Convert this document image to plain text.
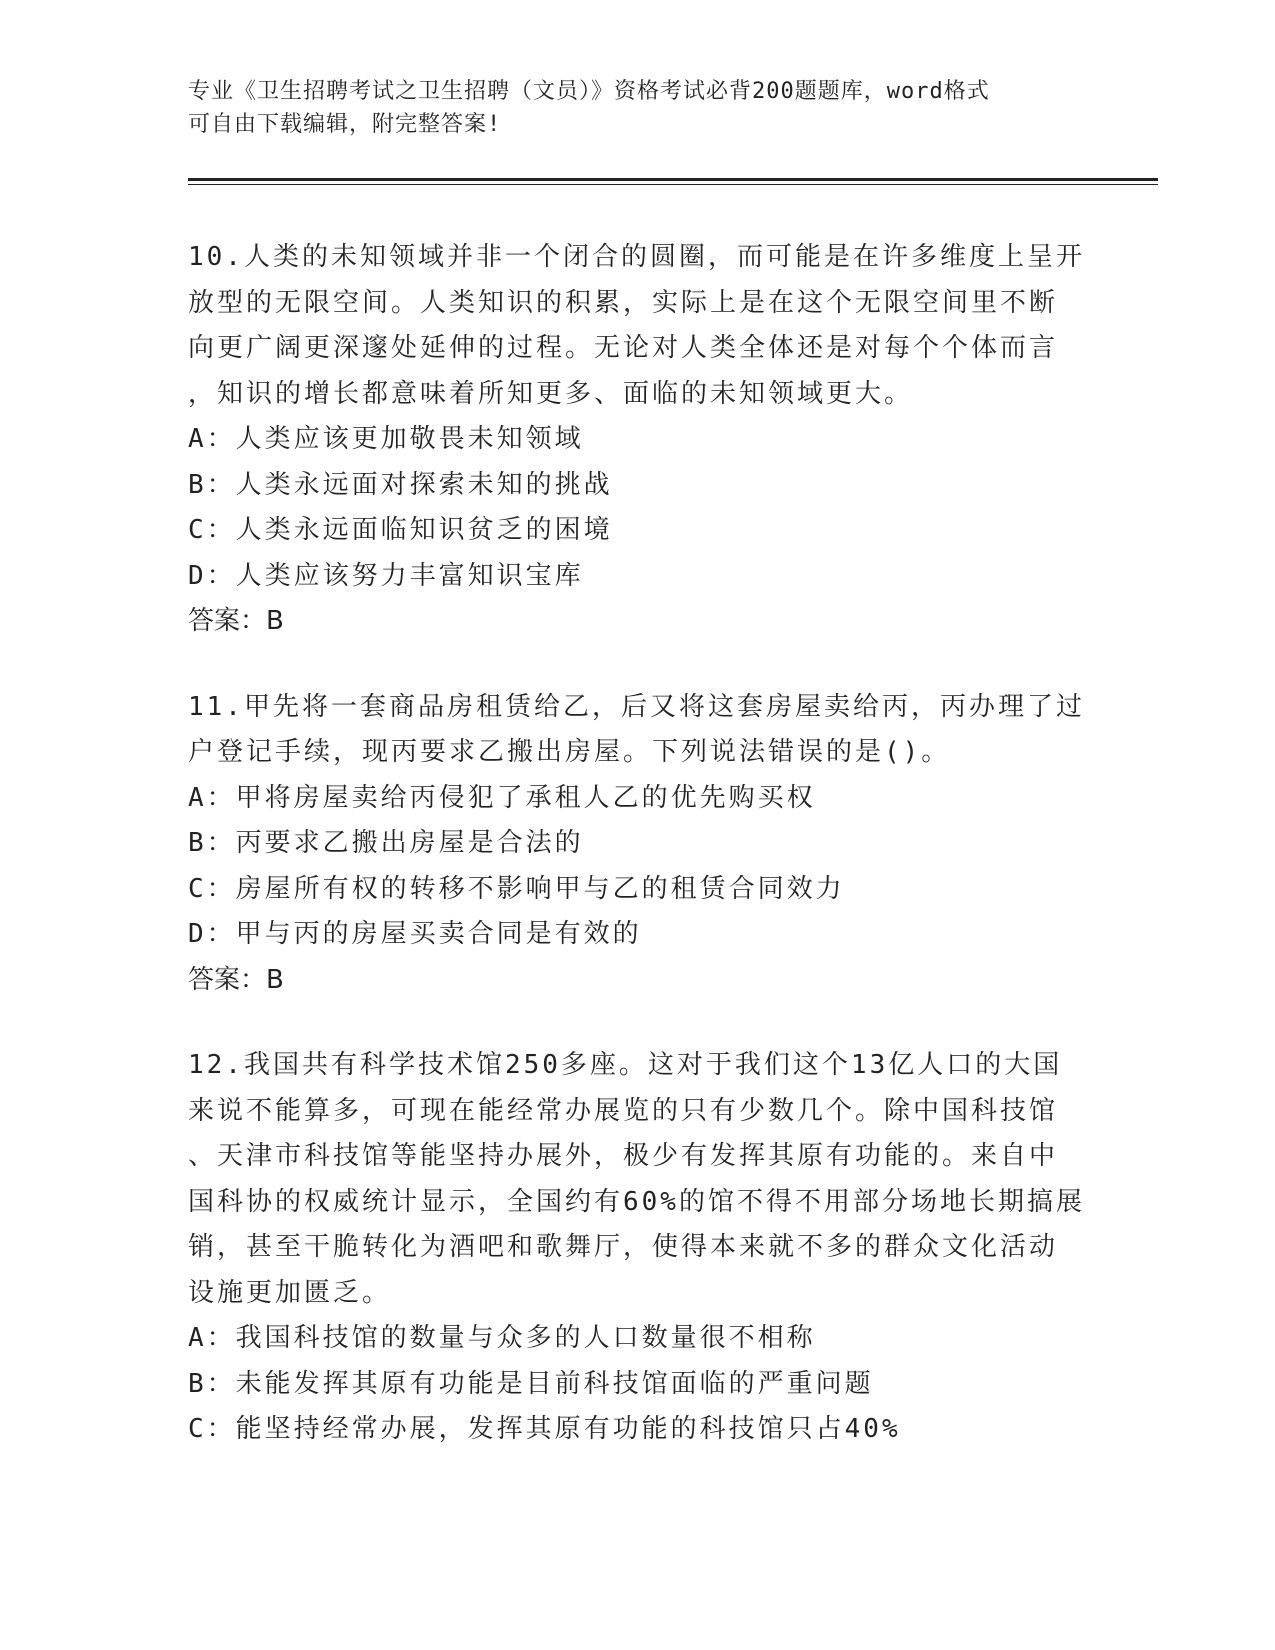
专业《卫生招聘考试之卫生招聘（文员）》资格考试必背200题题库，word格式
可自由下载编辑，附完整答案!

10.人类的未知领域并非一个闭合的圆圈，而可能是在许多维度上呈开

放型的无限空间。人类知识的积累，实际上是在这个无限空间里不断

向更广阔更深邃处延伸的过程。无论对人类全体还是对每个个体而言

，知识的增长都意味着所知更多、面临的未知领域更大。

A：人类应该更加敬畏未知领域

B：人类永远面对探索未知的挑战

C：人类永远面临知识贫乏的困境

D：人类应该努力丰富知识宝库

答案：B

11.甲先将一套商品房租赁给乙，后又将这套房屋卖给丙，丙办理了过

户登记手续，现丙要求乙搬出房屋。下列说法错误的是()。

A：甲将房屋卖给丙侵犯了承租人乙的优先购买权

B：丙要求乙搬出房屋是合法的

C：房屋所有权的转移不影响甲与乙的租赁合同效力

D：甲与丙的房屋买卖合同是有效的

答案：B

12.我国共有科学技术馆250多座。这对于我们这个13亿人口的大国

来说不能算多，可现在能经常办展览的只有少数几个。除中国科技馆

、天津市科技馆等能坚持办展外，极少有发挥其原有功能的。来自中

国科协的权威统计显示，全国约有60%的馆不得不用部分场地长期搞展

销，甚至干脆转化为酒吧和歌舞厅，使得本来就不多的群众文化活动

设施更加匮乏。

A：我国科技馆的数量与众多的人口数量很不相称

B：未能发挥其原有功能是目前科技馆面临的严重问题

C：能坚持经常办展，发挥其原有功能的科技馆只占40%
